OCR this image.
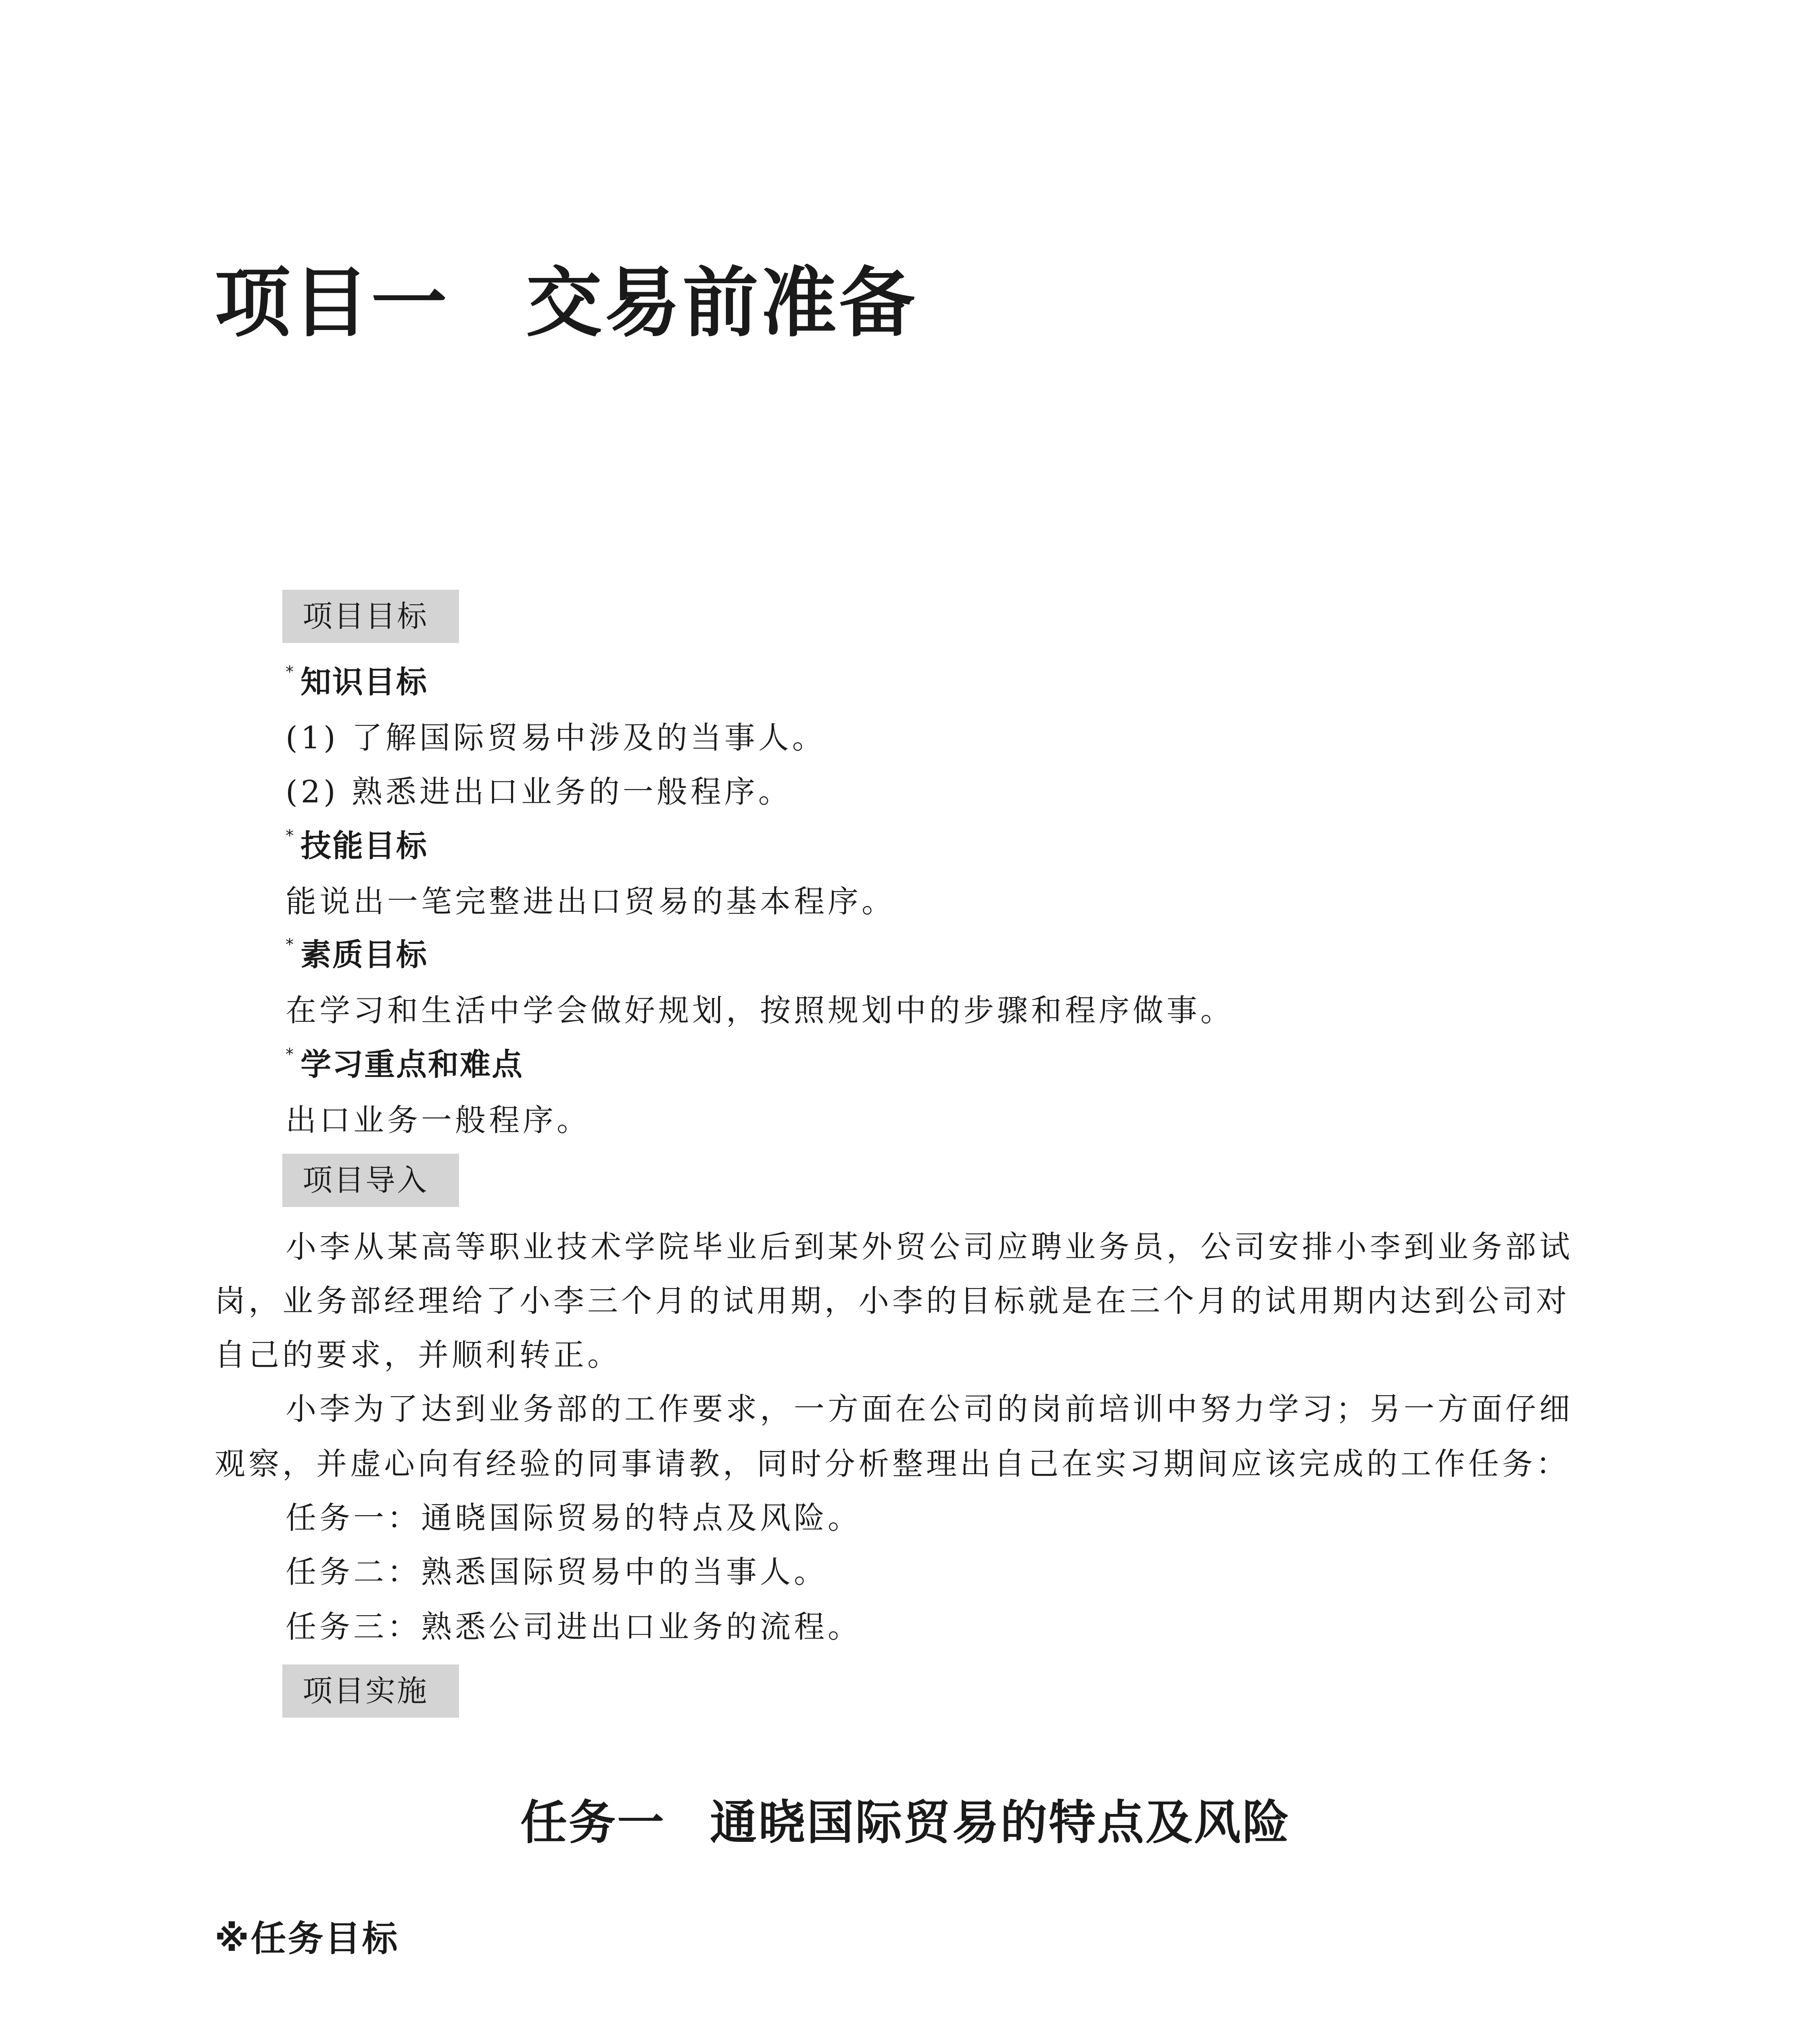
项目一 交易前准备
项目目标
* 知识目标
(1) 了解国际贸易中涉及的当事人。
(2) 熟悉进出口业务的一般程序。
* 技能目标
能说出一笔完整进出口贸易的基本程序。
* 素质目标
在学习和生活中学会做好规划，按照规划中的步骤和程序做事。
* 学习重点和难点
出口业务一般程序。
项目导入
小李从某高等职业技术学院毕业后到某外贸公司应聘业务员，公司安排小李到业务部试
岗，业务部经理给了小李三个月的试用期，小李的目标就是在三个月的试用期内达到公司对
自己的要求，并顺利转正。
小李为了达到业务部的工作要求，一方面在公司的岗前培训中努力学习；另一方面仔细
观察，并虚心向有经验的同事请教，同时分析整理出自己在实习期间应该完成的工作任务：
任务一：通晓国际贸易的特点及风险。
任务二：熟悉国际贸易中的当事人。
任务三：熟悉公司进出口业务的流程。
项目实施
任务一 通晓国际贸易的特点及风险
※任务目标
